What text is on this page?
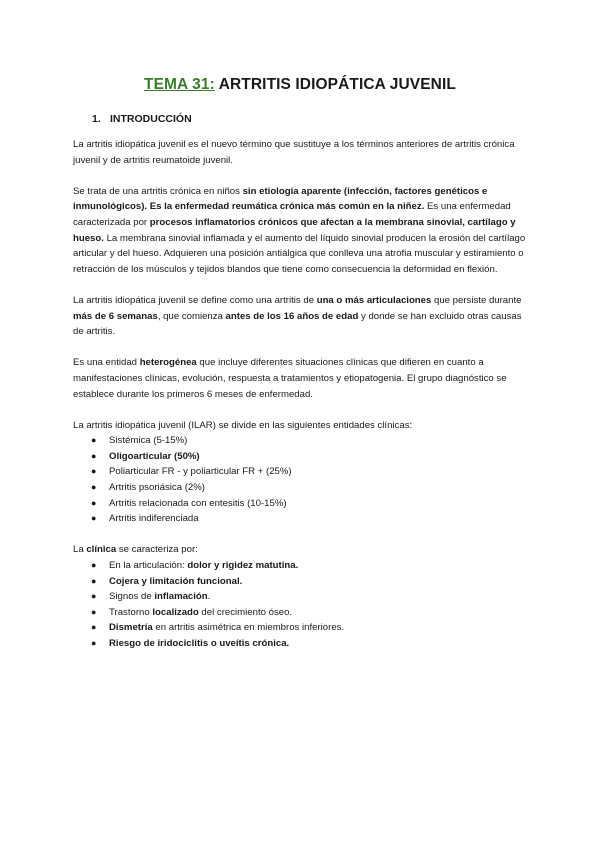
TEMA 31: ARTRITIS IDIOPÁTICA JUVENIL
1. INTRODUCCIÓN

La artritis idiopática juvenil es el nuevo término que sustituye a los términos anteriores de artritis crónica juvenil y de artritis reumatoide juvenil.

Se trata de una artritis crónica en niños sin etiología aparente (infección, factores genéticos e inmunológicos). Es la enfermedad reumática crónica más común en la niñez. Es una enfermedad caracterizada por procesos inflamatorios crónicos que afectan a la membrana sinovial, cartílago y hueso. La membrana sinovial inflamada y el aumento del líquido sinovial producen la erosión del cartílago articular y del hueso. Adquieren una posición antiálgica que conlleva una atrofia muscular y estiramiento o retracción de los músculos y tejidos blandos que tiene como consecuencia la deformidad en flexión.

La artritis idiopática juvenil se define como una artritis de una o más articulaciones que persiste durante más de 6 semanas, que comienza antes de los 16 años de edad y donde se han excluido otras causas de artritis.

Es una entidad heterogénea que incluye diferentes situaciones clínicas que difieren en cuanto a manifestaciones clínicas, evolución, respuesta a tratamientos y etiopatogenia. El grupo diagnóstico se establece durante los primeros 6 meses de enfermedad.

La artritis idiopática juvenil (ILAR) se divide en las siguientes entidades clínicas:

● Sistémica (5-15%)
● Oligoarticular (50%)
● Poliarticular FR - y poliarticular FR + (25%)
● Artritis psoriásica (2%)
● Artritis relacionada con entesitis (10-15%)
● Artritis indiferenciada

La clínica se caracteriza por:

● En la articulación: dolor y rigidez matutina.
● Cojera y limitación funcional.
● Signos de inflamación.
● Trastorno localizado del crecimiento óseo.
● Dismetría en artritis asimétrica en miembros inferiores.
● Riesgo de iridociclitis o uveítis crónica.
